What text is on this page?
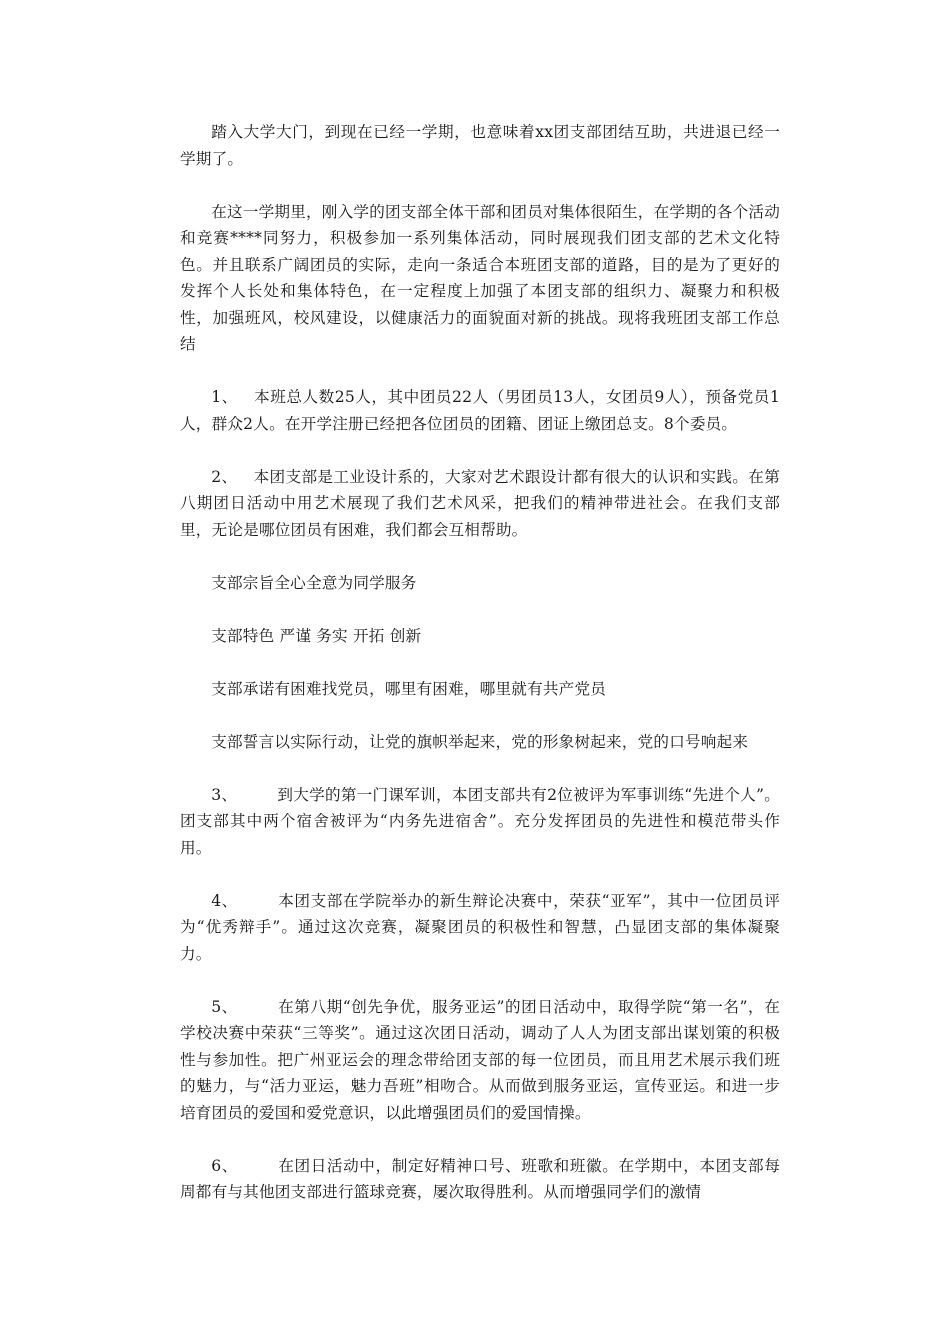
踏入大学大门，到现在已经一学期，也意味着xx团支部团结互助，共进退已经一学期了。

在这一学期里，刚入学的团支部全体干部和团员对集体很陌生，在学期的各个活动和竞赛****同努力，积极参加一系列集体活动，同时展现我们团支部的艺术文化特色。并且联系广阔团员的实际，走向一条适合本班团支部的道路，目的是为了更好的发挥个人长处和集体特色，在一定程度上加强了本团支部的组织力、凝聚力和积极性，加强班风，校风建设，以健康活力的面貌面对新的挑战。现将我班团支部工作总结

1、 本班总人数25人，其中团员22人（男团员13人，女团员9人），预备党员1人，群众2人。在开学注册已经把各位团员的团籍、团证上缴团总支。8个委员。

2、 本团支部是工业设计系的，大家对艺术跟设计都有很大的认识和实践。在第八期团日活动中用艺术展现了我们艺术风采，把我们的精神带进社会。在我们支部里，无论是哪位团员有困难，我们都会互相帮助。

支部宗旨全心全意为同学服务

支部特色 严谨 务实 开拓 创新

支部承诺有困难找党员，哪里有困难，哪里就有共产党员

支部誓言以实际行动，让党的旗帜举起来，党的形象树起来，党的口号响起来

3、	到大学的第一门课军训，本团支部共有2位被评为军事训练“先进个人”。团支部其中两个宿舍被评为“内务先进宿舍”。充分发挥团员的先进性和模范带头作用。

4、	本团支部在学院举办的新生辩论决赛中，荣获“亚军”，其中一位团员评为“优秀辩手”。通过这次竞赛，凝聚团员的积极性和智慧，凸显团支部的集体凝聚力。

5、	在第八期“创先争优，服务亚运”的团日活动中，取得学院“第一名”，在学校决赛中荣获“三等奖”。通过这次团日活动，调动了人人为团支部出谋划策的积极性与参加性。把广州亚运会的理念带给团支部的每一位团员，而且用艺术展示我们班的魅力，与“活力亚运，魅力吾班”相吻合。从而做到服务亚运，宣传亚运。和进一步培育团员的爱国和爱党意识，以此增强团员们的爱国情操。

6、	在团日活动中，制定好精神口号、班歌和班徽。在学期中，本团支部每周都有与其他团支部进行篮球竞赛，屡次取得胜利。从而增强同学们的激情
